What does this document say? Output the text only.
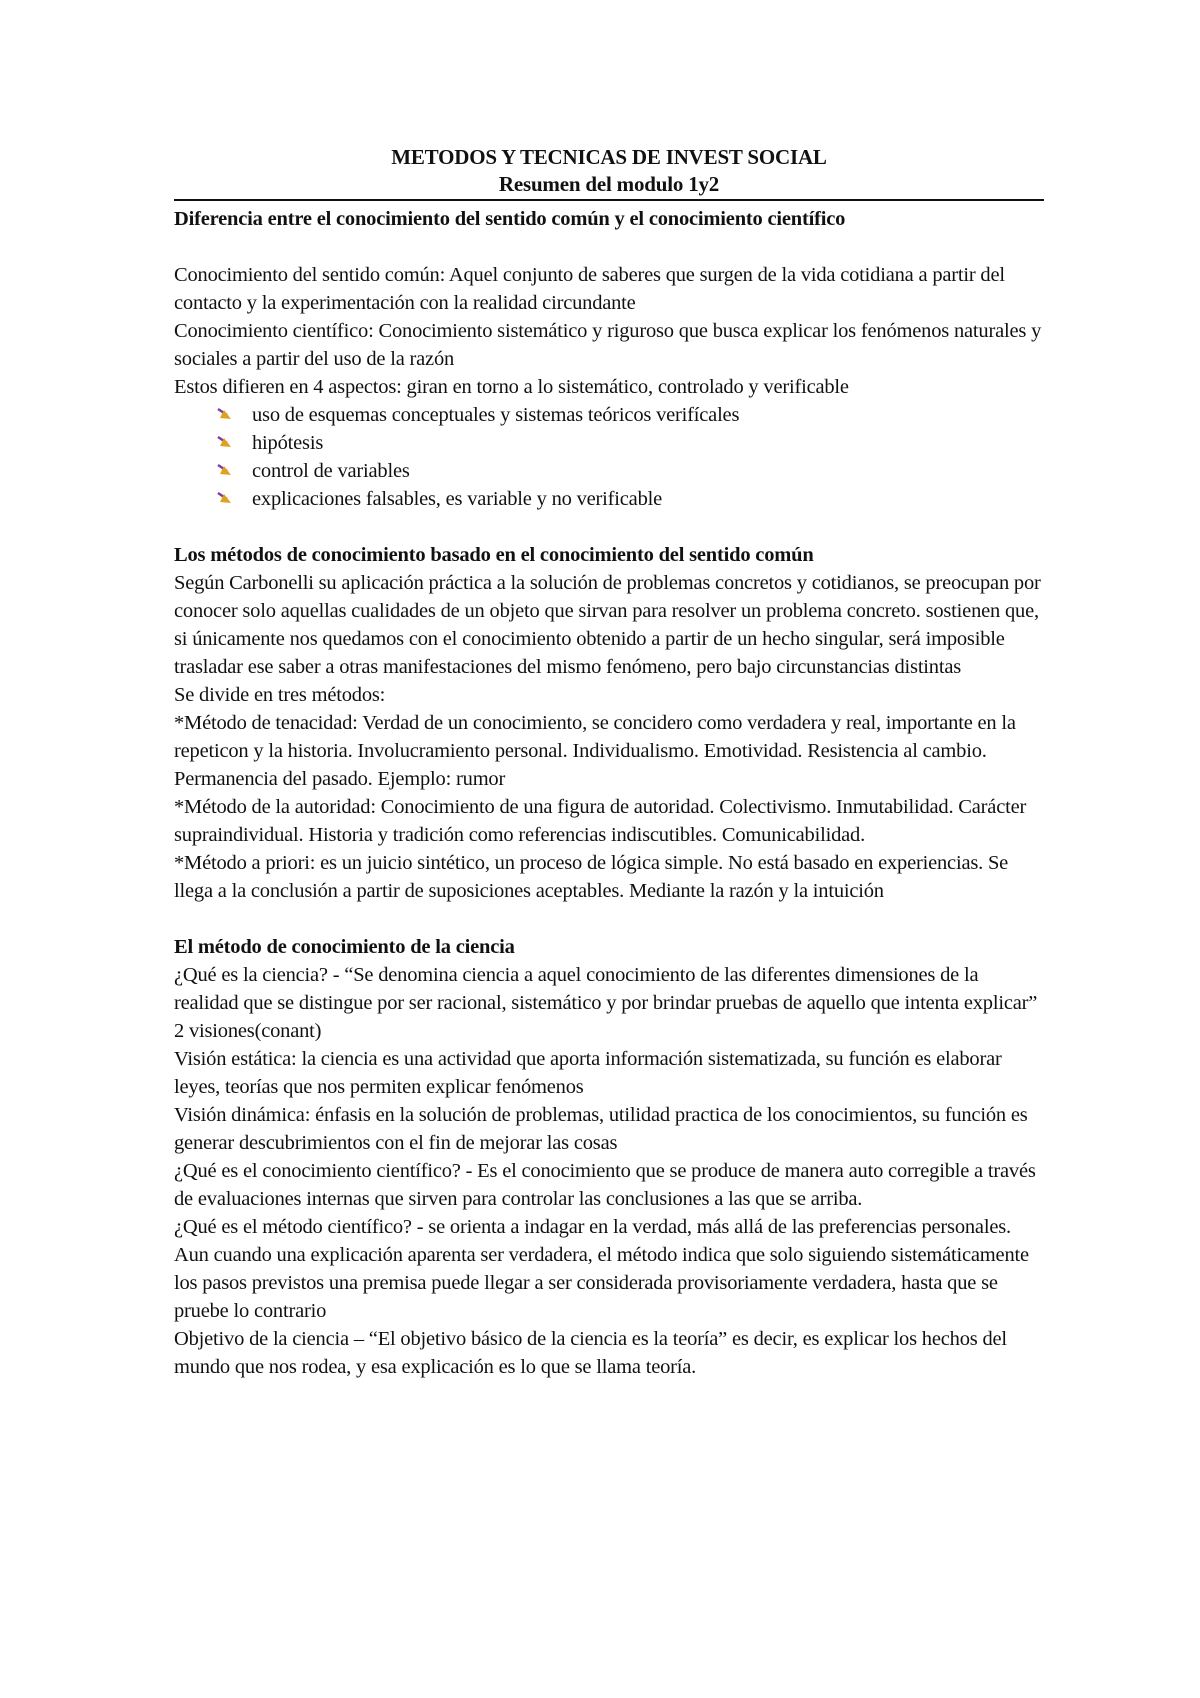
METODOS Y TECNICAS DE INVEST SOCIAL
Resumen del modulo 1y2
Diferencia entre el conocimiento del sentido común y el conocimiento científico

Conocimiento del sentido común: Aquel conjunto de saberes que surgen de la vida cotidiana a partir del contacto y la experimentación con la realidad circundante

Conocimiento científico: Conocimiento sistemático y riguroso que busca explicar los fenómenos naturales y sociales a partir del uso de la razón

Estos difieren en 4 aspectos: giran en torno a lo sistemático, controlado y verificable

uso de esquemas conceptuales y sistemas teóricos verifícales
hipótesis
control de variables
explicaciones falsables, es variable y no verificable
Los métodos de conocimiento basado en el conocimiento del sentido común

Según Carbonelli su aplicación práctica a la solución de problemas concretos y cotidianos, se preocupan por conocer solo aquellas cualidades de un objeto que sirvan para resolver un problema concreto. sostienen que, si únicamente nos quedamos con el conocimiento obtenido a partir de un hecho singular, será imposible trasladar ese saber a otras manifestaciones del mismo fenómeno, pero bajo circunstancias distintas

Se divide en tres métodos:

*Método de tenacidad: Verdad de un conocimiento, se concidero como verdadera y real, importante en la repeticon y la historia. Involucramiento personal. Individualismo. Emotividad. Resistencia al cambio. Permanencia del pasado. Ejemplo: rumor

*Método de la autoridad: Conocimiento de una figura de autoridad. Colectivismo. Inmutabilidad. Carácter supraindividual. Historia y tradición como referencias indiscutibles. Comunicabilidad.

*Método a priori: es un juicio sintético, un proceso de lógica simple. No está basado en experiencias. Se llega a la conclusión a partir de suposiciones aceptables. Mediante la razón y la intuición

El método de conocimiento de la ciencia

¿Qué es la ciencia? - “Se denomina ciencia a aquel conocimiento de las diferentes dimensiones de la realidad que se distingue por ser racional, sistemático y por brindar pruebas de aquello que intenta explicar” 2 visiones(conant)

Visión estática: la ciencia es una actividad que aporta información sistematizada, su función es elaborar leyes, teorías que nos permiten explicar fenómenos

Visión dinámica: énfasis en la solución de problemas, utilidad practica de los conocimientos, su función es generar descubrimientos con el fin de mejorar las cosas

¿Qué es el conocimiento científico? - Es el conocimiento que se produce de manera auto corregible a través de evaluaciones internas que sirven para controlar las conclusiones a las que se arriba.

¿Qué es el método científico? - se orienta a indagar en la verdad, más allá de las preferencias personales. Aun cuando una explicación aparenta ser verdadera, el método indica que solo siguiendo sistemáticamente los pasos previstos una premisa puede llegar a ser considerada provisoriamente verdadera, hasta que se pruebe lo contrario

Objetivo de la ciencia – “El objetivo básico de la ciencia es la teoría” es decir, es explicar los hechos del mundo que nos rodea, y esa explicación es lo que se llama teoría.
